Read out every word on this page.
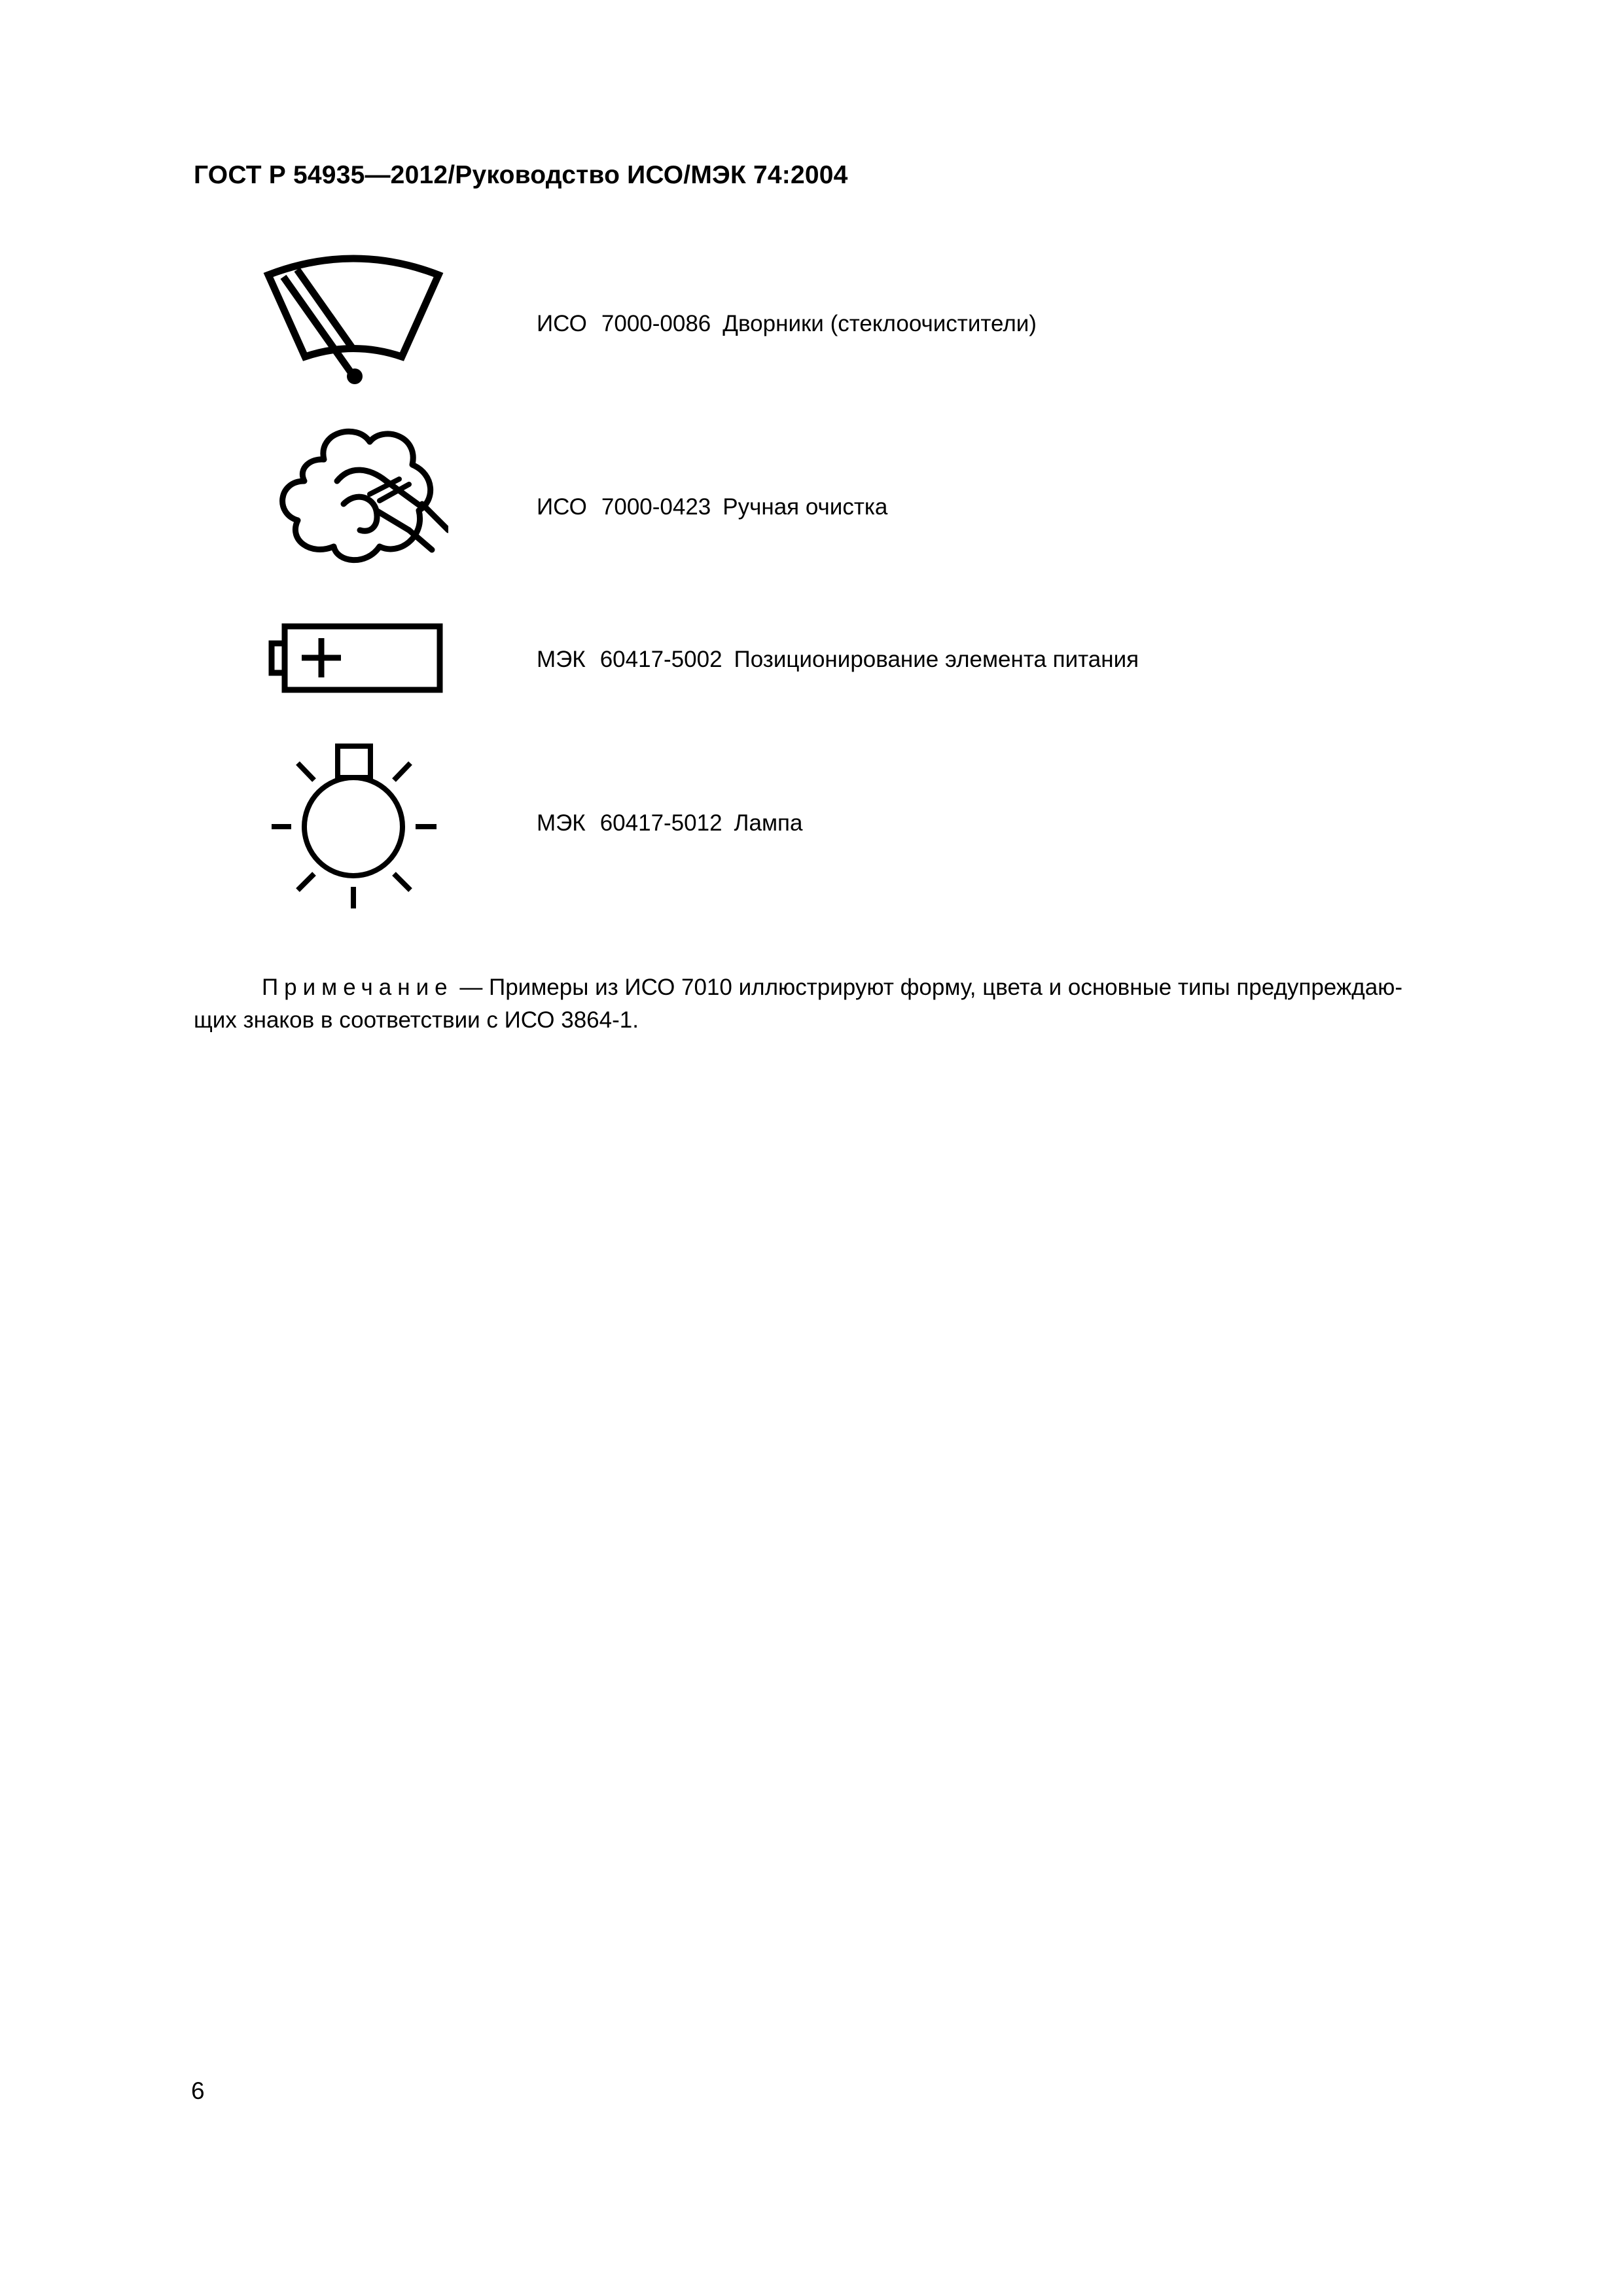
ГОСТ Р 54935—2012/Руководство ИСО/МЭК 74:2004
ИСО 7000-0086 Дворники (стеклоочистители)
ИСО 7000-0423 Ручная очистка
МЭК 60417-5002 Позиционирование элемента питания
МЭК 60417-5012 Лампа
Примечание — Примеры из ИСО 7010 иллюстрируют форму, цвета и основные типы предупреждаю-
щих знаков в соответствии с ИСО 3864-1.
6
